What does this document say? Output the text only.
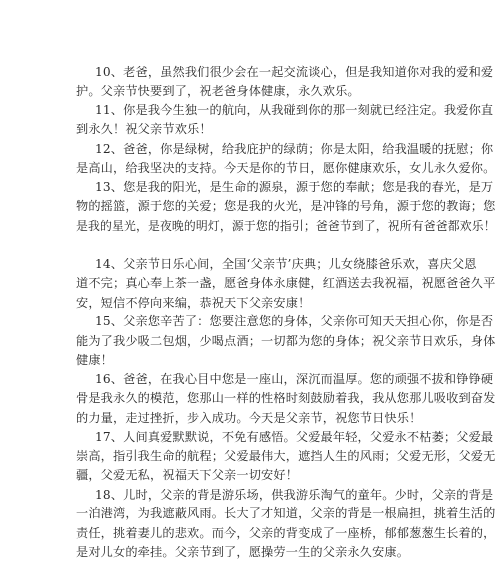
10、老爸，虽然我们很少会在一起交流谈心，但是我知道你对我的爱和爱
护。父亲节快要到了，祝老爸身体健康，永久欢乐。
11、你是我今生独一的航向，从我碰到你的那一刻就已经注定。我爱你直
到永久！祝父亲节欢乐！
12、爸爸，你是绿树，给我庇护的绿荫；你是太阳，给我温暖的抚慰；你
是高山，给我坚决的支持。今天是你的节日，愿你健康欢乐，女儿永久爱你。
13、您是我的阳光，是生命的源泉，源于您的奉献；您是我的春光，是万
物的摇篮，源于您的关爱；您是我的火光，是冲锋的号角，源于您的教诲；您
是我的星光，是夜晚的明灯，源于您的指引；爸爸节到了，祝所有爸爸都欢乐！
14、父亲节日乐心间，全国‘父亲节’庆典；儿女绕膝爸乐欢，喜庆父恩
道不完；真心奉上茶一盏，愿爸身体永康健，红酒送去我祝福，祝愿爸爸久平
安，短信不停向来编，恭祝天下父亲安康！
15、父亲您辛苦了：您要注意您的身体，父亲你可知天天担心你，你是否
能为了我少吸二包烟，少喝点酒；一切都为您的身体；祝父亲节日欢乐，身体
健康！
16、爸爸，在我心目中您是一座山，深沉而温厚。您的顽强不拔和铮铮硬
骨是我永久的模范，您那山一样的性格时刻鼓励着我，我从您那儿吸收到奋发
的力量，走过挫折，步入成功。今天是父亲节，祝您节日快乐！
17、人间真爱默默说，不免有感悟。父爱最年轻，父爱永不枯萎；父爱最
崇高，指引我生命的航程；父爱最伟大，遮挡人生的风雨；父爱无形，父爱无
疆，父爱无私，祝福天下父亲一切安好！
18、儿时，父亲的背是游乐场，供我游乐淘气的童年。少时，父亲的背是
一泊港湾，为我遮蔽风雨。长大了才知道，父亲的背是一根扁担，挑着生活的
责任，挑着妻儿的悲欢。而今，父亲的背变成了一座桥，郁郁葱葱生长着的，
是对儿女的牵挂。父亲节到了，愿操劳一生的父亲永久安康。
